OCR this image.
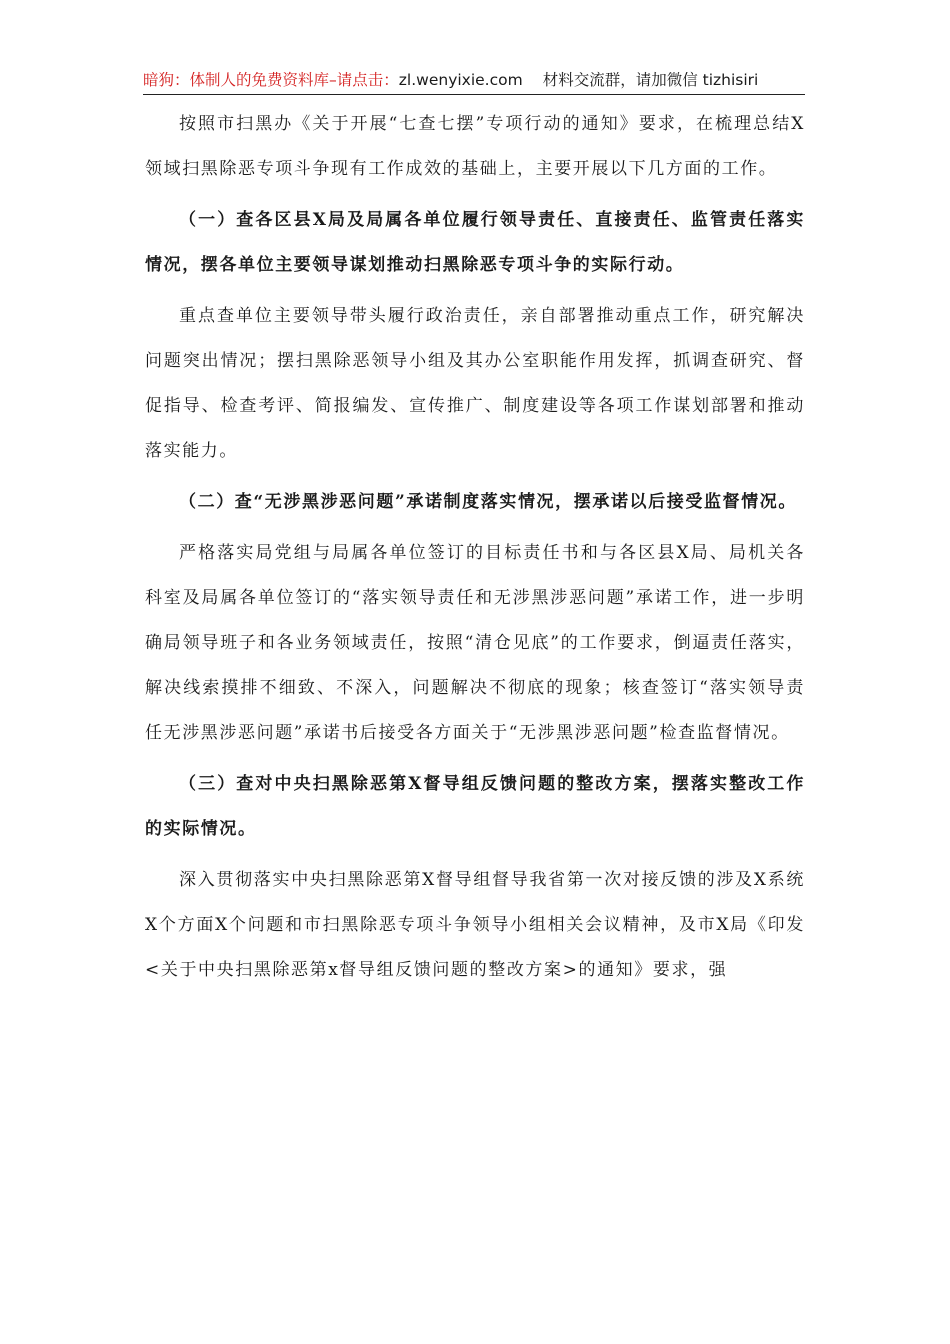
暗狗：体制人的免费资料库–请点击：zl.wenyixie.com 材料交流群，请加微信 tizhisiri

按照市扫黑办《关于开展“七查七摆”专项行动的通知》要求，在梳理总结X领域扫黑除恶专项斗争现有工作成效的基础上，主要开展以下几方面的工作。

（一）查各区县X局及局属各单位履行领导责任、直接责任、监管责任落实情况，摆各单位主要领导谋划推动扫黑除恶专项斗争的实际行动。

重点查单位主要领导带头履行政治责任，亲自部署推动重点工作，研究解决问题突出情况；摆扫黑除恶领导小组及其办公室职能作用发挥，抓调查研究、督促指导、检查考评、简报编发、宣传推广、制度建设等各项工作谋划部署和推动落实能力。

（二）查“无涉黑涉恶问题”承诺制度落实情况，摆承诺以后接受监督情况。

严格落实局党组与局属各单位签订的目标责任书和与各区县X局、局机关各科室及局属各单位签订的“落实领导责任和无涉黑涉恶问题”承诺工作，进一步明确局领导班子和各业务领域责任，按照“清仓见底”的工作要求，倒逼责任落实，解决线索摸排不细致、不深入，问题解决不彻底的现象；核查签订“落实领导责任无涉黑涉恶问题”承诺书后接受各方面关于“无涉黑涉恶问题”检查监督情况。

（三）查对中央扫黑除恶第X督导组反馈问题的整改方案，摆落实整改工作的实际情况。

深入贯彻落实中央扫黑除恶第X督导组督导我省第一次对接反馈的涉及X系统X个方面X个问题和市扫黑除恶专项斗争领导小组相关会议精神，及市X局《印发<关于中央扫黑除恶第x督导组反馈问题的整改方案>的通知》要求，强
